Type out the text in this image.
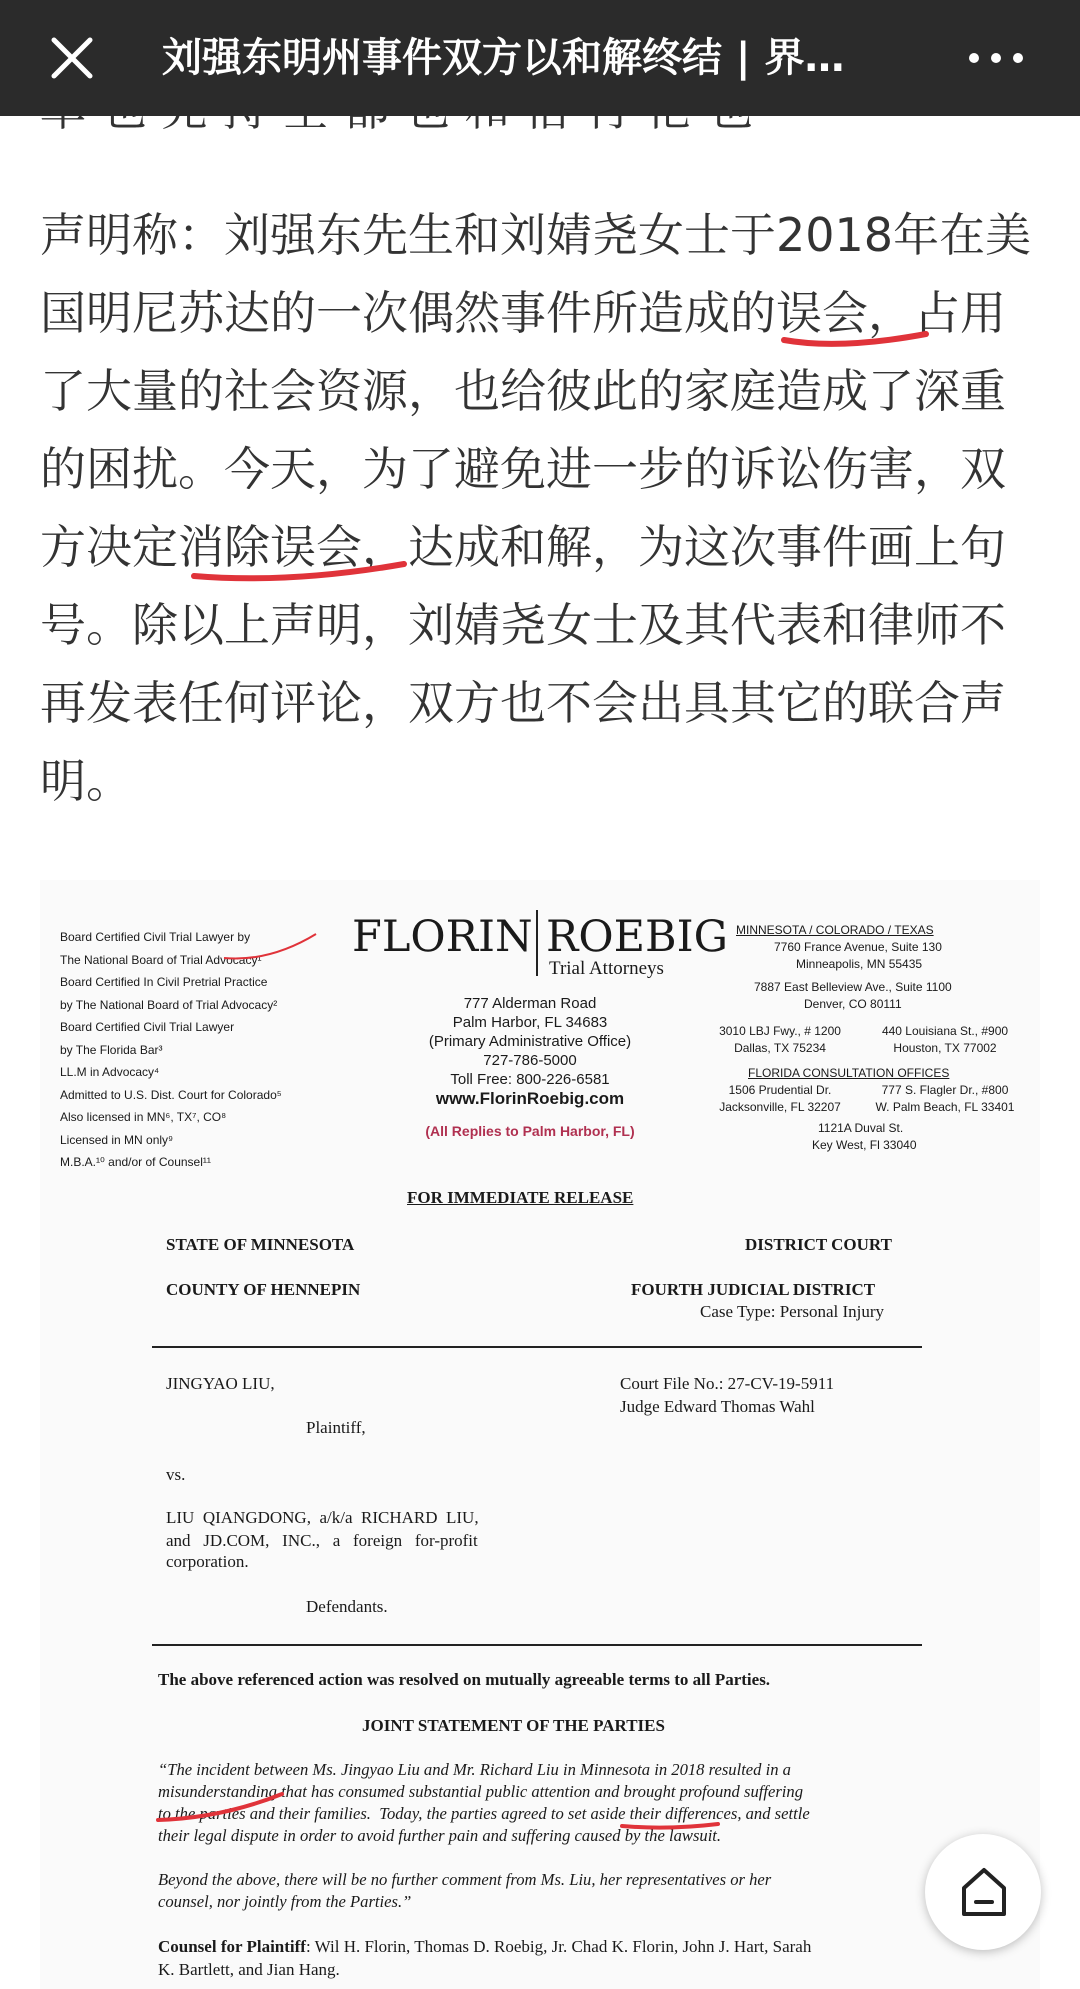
刘强东明州事件双方以和解终结 | 界…
声明称：刘强东先生和刘婧尧女士于2018年在美
国明尼苏达的一次偶然事件所造成的误会，占用
了大量的社会资源，也给彼此的家庭造成了深重
的困扰。今天，为了避免进一步的诉讼伤害，双
方决定消除误会，达成和解，为这次事件画上句
号。除以上声明，刘婧尧女士及其代表和律师不
再发表任何评论，双方也不会出具其它的联合声
明。
Board Certified Civil Trial Lawyer by
The National Board of Trial Advocacy¹
Board Certified In Civil Pretrial Practice
by The National Board of Trial Advocacy²
Board Certified Civil Trial Lawyer
by The Florida Bar³
LL.M in Advocacy⁴
Admitted to U.S. Dist. Court for Colorado⁵
Also licensed in MN⁶, TX⁷, CO⁸
Licensed in MN only⁹
M.B.A.¹⁰ and/or of Counsel¹¹
FLORIN ROEBIG
Trial Attorneys
777 Alderman Road
Palm Harbor, FL 34683
(Primary Administrative Office)
727-786-5000
Toll Free: 800-226-6581
www.FlorinRoebig.com
(All Replies to Palm Harbor, FL)
MINNESOTA / COLORADO / TEXAS
7760 France Avenue, Suite 130
Minneapolis, MN 55435
7887 East Belleview Ave., Suite 1100
Denver, CO 80111
3010 LBJ Fwy., # 1200
Dallas, TX 75234
440 Louisiana St., #900
Houston, TX 77002
FLORIDA CONSULTATION OFFICES
1506 Prudential Dr.
Jacksonville, FL 32207
777 S. Flagler Dr., #800
W. Palm Beach, FL 33401
1121A Duval St.
Key West, Fl 33040
FOR IMMEDIATE RELEASE
STATE OF MINNESOTA	DISTRICT COURT
COUNTY OF HENNEPIN	FOURTH JUDICIAL DISTRICT
Case Type: Personal Injury
JINGYAO LIU,	Court File No.: 27-CV-19-5911
Judge Edward Thomas Wahl
Plaintiff,
vs.
LIU  QIANGDONG,  a/k/a  RICHARD  LIU,
and   JD.COM,   INC.,   a   foreign   for-profit
corporation.
Defendants.
The above referenced action was resolved on mutually agreeable terms to all Parties.
JOINT STATEMENT OF THE PARTIES
“The incident between Ms. Jingyao Liu and Mr. Richard Liu in Minnesota in 2018 resulted in a
misunderstanding that has consumed substantial public attention and brought profound suffering
to the parties and their families.  Today, the parties agreed to set aside their differences, and settle
their legal dispute in order to avoid further pain and suffering caused by the lawsuit.
Beyond the above, there will be no further comment from Ms. Liu, her representatives or her
counsel, nor jointly from the Parties.”
Counsel for Plaintiff: Wil H. Florin, Thomas D. Roebig, Jr. Chad K. Florin, John J. Hart, Sarah
K. Bartlett, and Jian Hang.
